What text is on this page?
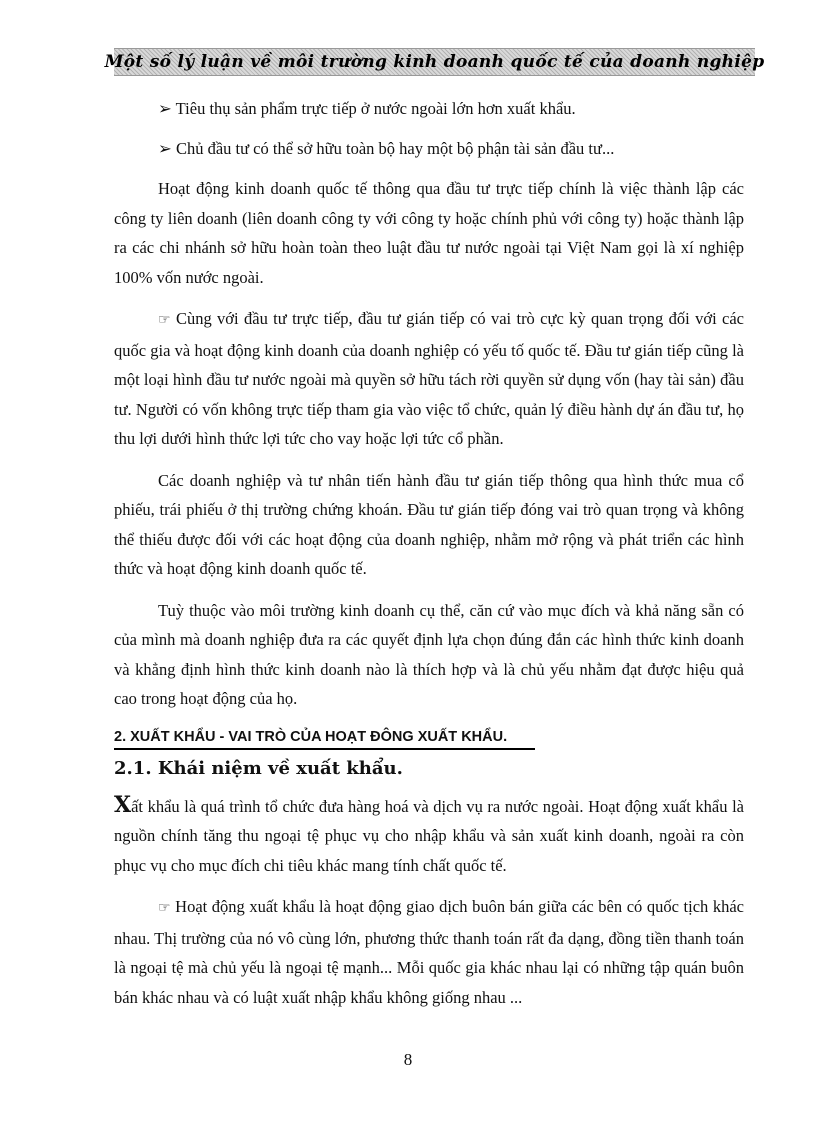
Một số lý luận về môi trường kinh doanh quốc tế của doanh nghiệp

➢ Tiêu thụ sản phẩm trực tiếp ở nước ngoài lớn hơn xuất khẩu.

➢ Chủ đầu tư có thể sở hữu toàn bộ hay một bộ phận tài sản đầu tư...

Hoạt động kinh doanh quốc tế thông qua đầu tư trực tiếp chính là việc thành lập các công ty liên doanh (liên doanh công ty với công ty hoặc chính phủ với công ty) hoặc thành lập ra các chi nhánh sở hữu hoàn toàn theo luật đầu tư nước ngoài tại Việt Nam gọi là xí nghiệp 100% vốn nước ngoài.

☞ Cùng với đầu tư trực tiếp, đầu tư gián tiếp có vai trò cực kỳ quan trọng đối với các quốc gia và hoạt động kinh doanh của doanh nghiệp có yếu tố quốc tế. Đầu tư gián tiếp cũng là một loại hình đầu tư nước ngoài mà quyền sở hữu tách rời quyền sử dụng vốn (hay tài sản) đầu tư. Người có vốn không trực tiếp tham gia vào việc tổ chức, quản lý điều hành dự án đầu tư, họ thu lợi dưới hình thức lợi tức cho vay hoặc lợi tức cổ phần.

Các doanh nghiệp và tư nhân tiến hành đầu tư gián tiếp thông qua hình thức mua cổ phiếu, trái phiếu ở thị trường chứng khoán. Đầu tư gián tiếp đóng vai trò quan trọng và không thể thiếu được đối với các hoạt động của doanh nghiệp, nhằm mở rộng và phát triển các hình thức và hoạt động kinh doanh quốc tế.

Tuỳ thuộc vào môi trường kinh doanh cụ thể, căn cứ vào mục đích và khả năng sẵn có của mình mà doanh nghiệp đưa ra các quyết định lựa chọn đúng đắn các hình thức kinh doanh và khẳng định hình thức kinh doanh nào là thích hợp và là chủ yếu nhằm đạt được hiệu quả cao trong hoạt động của họ.

2. XUẤT KHẨU - VAI TRÒ CỦA HOẠT ĐÔNG XUẤT KHẨU.
2.1. Khái niệm về xuất khẩu.

Xất khẩu là quá trình tổ chức đưa hàng hoá và dịch vụ ra nước ngoài. Hoạt động xuất khẩu là nguồn chính tăng thu ngoại tệ phục vụ cho nhập khẩu và sản xuất kinh doanh, ngoài ra còn phục vụ cho mục đích chi tiêu khác mang tính chất quốc tế.

☞ Hoạt động xuất khẩu là hoạt động giao dịch buôn bán giữa các bên có quốc tịch khác nhau. Thị trường của nó vô cùng lớn, phương thức thanh toán rất đa dạng, đồng tiền thanh toán là ngoại tệ mà chủ yếu là ngoại tệ mạnh... Mỗi quốc gia khác nhau lại có những tập quán buôn bán khác nhau và có luật xuất nhập khẩu không giống nhau ...

8
